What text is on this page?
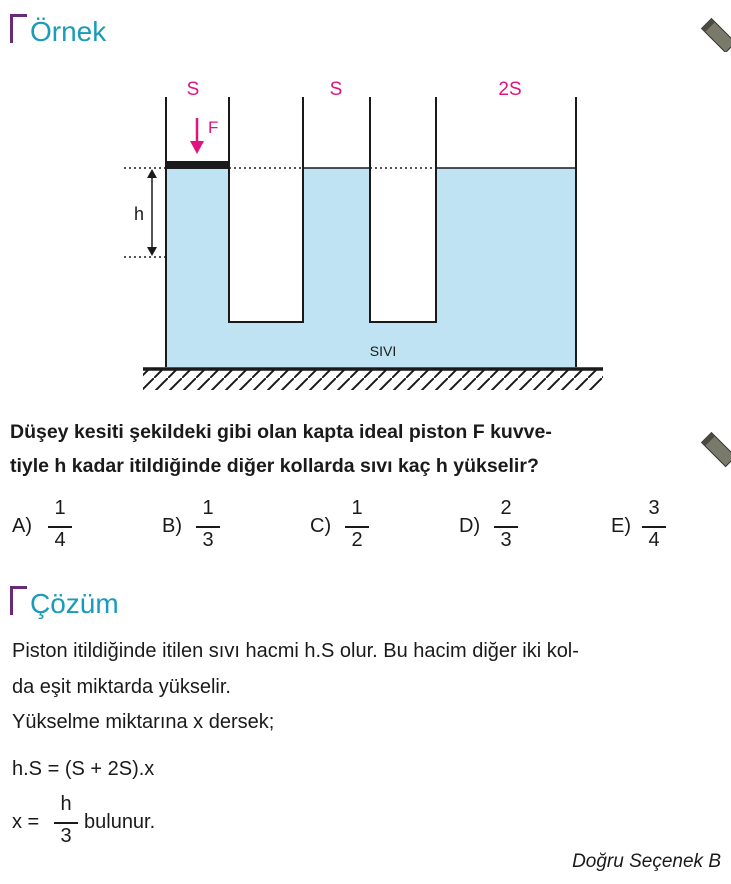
Örnek
S	S	2S
F
h
SIVI
Düşey kesiti şekildeki gibi olan kapta ideal piston F kuvve-
tiyle h kadar itildiğinde diğer kollarda sıvı kaç h yükselir?
A)
1
4
B)
1
3
C)
1
2
D)
2
3
E)
3
4
Çözüm
Piston itildiğinde itilen sıvı hacmi h.S olur. Bu hacim diğer iki kol-
da eşit miktarda yükselir.
Yükselme miktarına x dersek;
h.S = (S + 2S).x
x =
h
3
bulunur.
Doğru Seçenek B
